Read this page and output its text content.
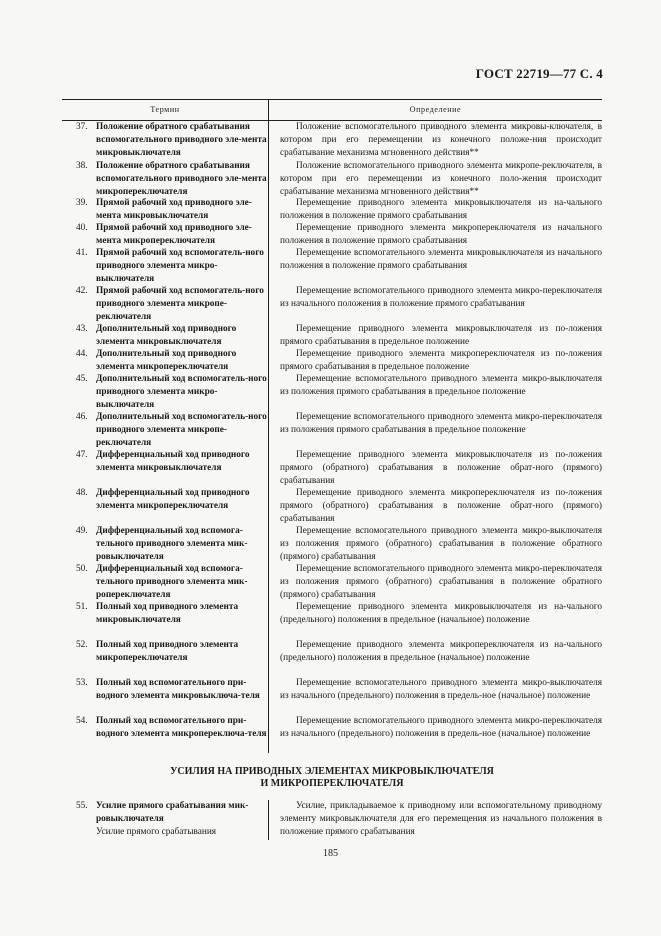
ГОСТ 22719—77 С. 4
Термин	Определение
37. Положение обратного срабатывания вспомогательного приводного эле-мента микровыключателя
Положение вспомогательного приводного элемента микровы-ключателя, в котором при его перемещении из конечного положе-ния происходит срабатывание механизма мгновенного действия**
38. Положение обратного срабатывания вспомогательного приводного эле-мента микропереключателя
Положение вспомогательного приводного элемента микропе-реключателя, в котором при его перемещении из конечного поло-жения происходит срабатывание механизма мгновенного действия**
39. Прямой рабочий ход приводного эле-мента микровыключателя
Перемещение приводного элемента микровыключателя из на-чального положения в положение прямого срабатывания
40. Прямой рабочий ход приводного эле-мента микропереключателя
Перемещение приводного элемента микропереключателя из начального положения в положение прямого срабатывания
41. Прямой рабочий ход вспомогатель-ного приводного элемента микро-выключателя
Перемещение вспомогательного элемента микровыключателя из начального положения в положение прямого срабатывания
42. Прямой рабочий ход вспомогатель-ного приводного элемента микропе-реключателя
Перемещение вспомогательного приводного элемента микро-переключателя из начального положения в положение прямого срабатывания
43. Дополнительный ход приводного элемента микровыключателя
Перемещение приводного элемента микровыключателя из по-ложения прямого срабатывания в предельное положение
44. Дополнительный ход приводного элемента микропереключателя
Перемещение приводного элемента микропереключателя из по-ложения прямого срабатывания в предельное положение
45. Дополнительный ход вспомогатель-ного приводного элемента микро-выключателя
Перемещение вспомогательного приводного элемента микро-выключателя из положения прямого срабатывания в предельное положение
46. Дополнительный ход вспомогатель-ного приводного элемента микропе-реключателя
Перемещение вспомогательного приводного элемента микро-переключателя из положения прямого срабатывания в предельное положение
47. Дифференциальный ход приводного элемента микровыключателя
Перемещение приводного элемента микровыключателя из по-ложения прямого (обратного) срабатывания в положение обрат-ного (прямого) срабатывания
48. Дифференциальный ход приводного элемента микропереключателя
Перемещение приводного элемента микропереключателя из по-ложения прямого (обратного) срабатывания в положение обрат-ного (прямого) срабатывания
49. Дифференциальный ход вспомога-тельного приводного элемента мик-ровыключателя
Перемещение вспомогательного приводного элемента микро-выключателя из положения прямого (обратного) срабатывания в положение обратного (прямого) срабатывания
50. Дифференциальный ход вспомога-тельного приводного элемента мик-ропереключателя
Перемещение вспомогательного приводного элемента микро-переключателя из положения прямого (обратного) срабатывания в положение обратного (прямого) срабатывания
51. Полный ход приводного элемента микровыключателя
Перемещение приводного элемента микровыключателя из на-чального (предельного) положения в предельное (начальное) положение
52. Полный ход приводного элемента микропереключателя
Перемещение приводного элемента микропереключателя из на-чального (предельного) положения в предельное (начальное) положение
53. Полный ход вспомогательного при-водного элемента микровыключа-теля
Перемещение вспомогательного приводного элемента микро-выключателя из начального (предельного) положения в предель-ное (начальное) положение
54. Полный ход вспомогательного при-водного элемента микропереключа-теля
Перемещение вспомогательного приводного элемента микро-переключателя из начального (предельного) положения в предель-ное (начальное) положение
УСИЛИЯ НА ПРИВОДНЫХ ЭЛЕМЕНТАХ МИКРОВЫКЛЮЧАТЕЛЯ
И МИКРОПЕРЕКЛЮЧАТЕЛЯ
55. Усилие прямого срабатывания мик-ровыключателя
Усилие прямого срабатывания
Усилие, прикладываемое к приводному или вспомогательному приводному элементу микровыключателя для его перемещения из начального положения в положение прямого срабатывания
185
